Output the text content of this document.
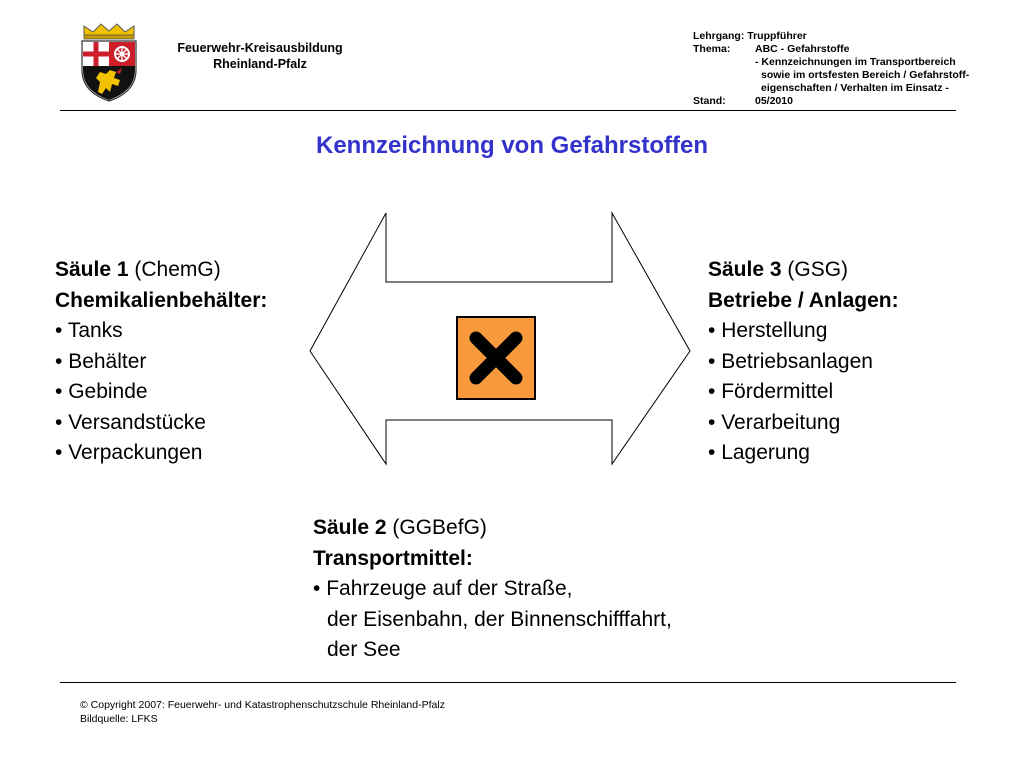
Feuerwehr-Kreisausbildung
Rheinland-Pfalz
Lehrgang: Truppführer
Thema: ABC - Gefahrstoffe
- Kennzeichnungen im Transportbereich
sowie im ortsfesten Bereich / Gefahrstoff-
eigenschaften / Verhalten im Einsatz -
Stand:	05/2010
Kennzeichnung von Gefahrstoffen
Säule 1 (ChemG)
Chemikalienbehälter:
• Tanks
• Behälter
• Gebinde
• Versandstücke
• Verpackungen
Säule 3 (GSG)
Betriebe / Anlagen:
• Herstellung
• Betriebsanlagen
• Fördermittel
• Verarbeitung
• Lagerung
Säule 2 (GGBefG)
Transportmittel:
• Fahrzeuge auf der Straße,
der Eisenbahn, der Binnenschifffahrt,
der See
© Copyright 2007: Feuerwehr- und Katastrophenschutzschule Rheinland-Pfalz
Bildquelle: LFKS
